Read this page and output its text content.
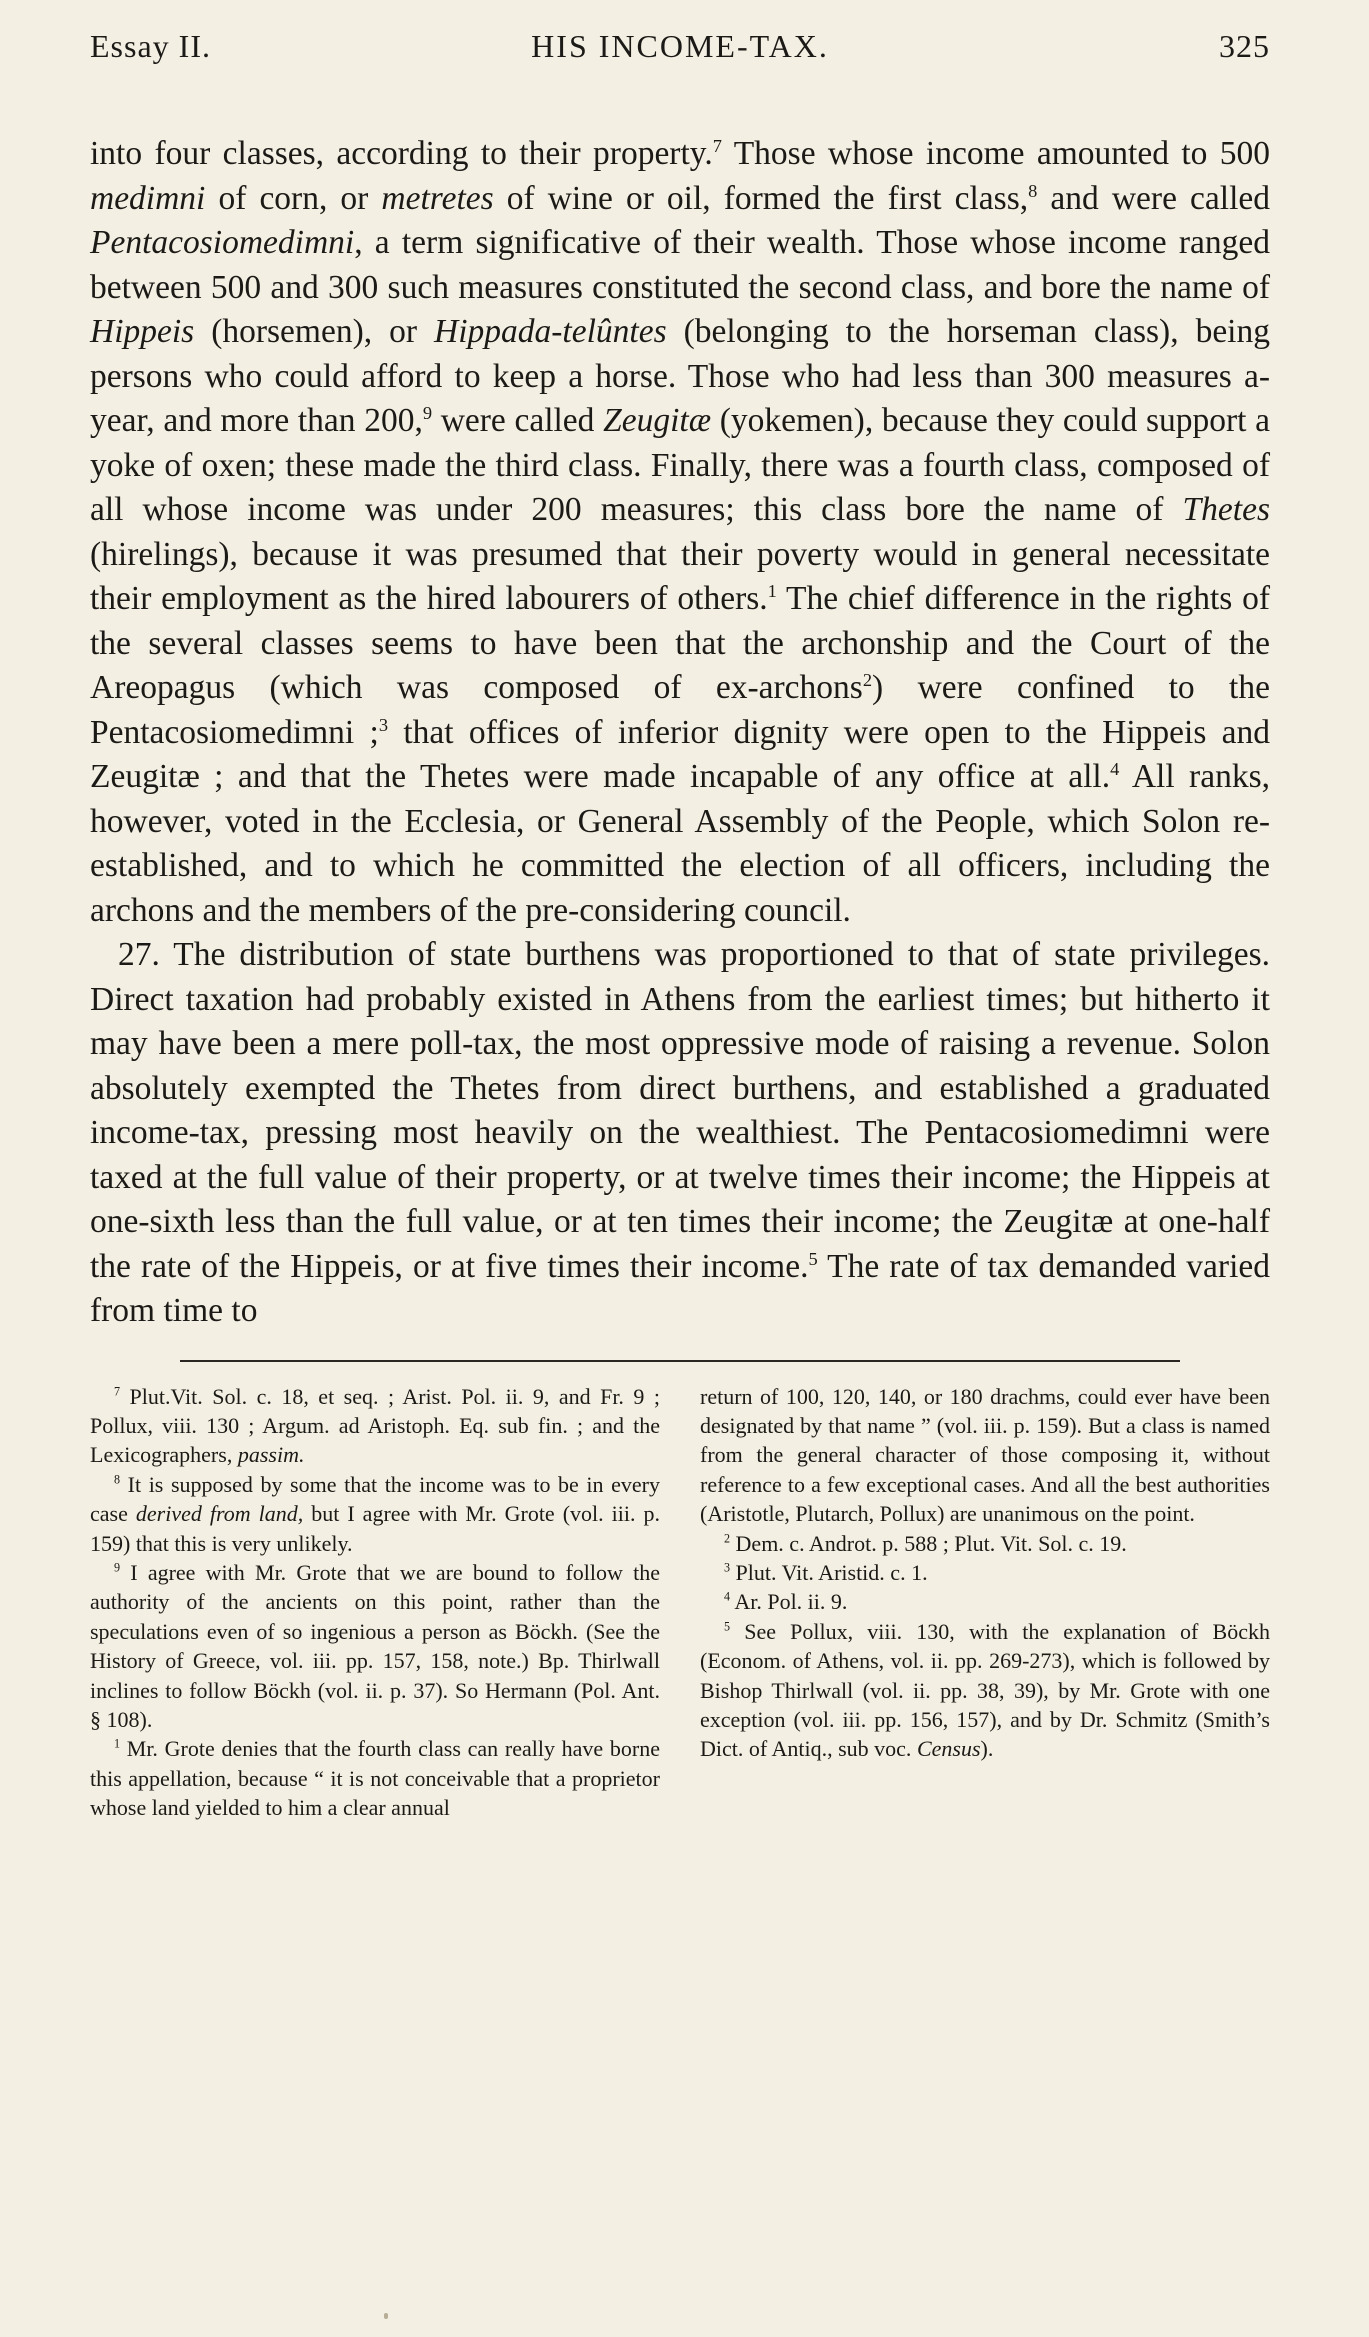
Essay II.	HIS INCOME-TAX.	325

into four classes, according to their property.$^7$ Those whose income amounted to 500 medimni of corn, or metretes of wine or oil, formed the first class,$^8$ and were called Pentacosiomedimni, a term significative of their wealth. Those whose income ranged between 500 and 300 such measures constituted the second class, and bore the name of Hippeis (horsemen), or Hippada-telûntes (belonging to the horseman class), being persons who could afford to keep a horse. Those who had less than 300 measures a-year, and more than 200,$^9$ were called Zeugitæ (yokemen), because they could support a yoke of oxen; these made the third class. Finally, there was a fourth class, composed of all whose income was under 200 measures; this class bore the name of Thetes (hirelings), because it was presumed that their poverty would in general necessitate their employment as the hired labourers of others.$^1$ The chief difference in the rights of the several classes seems to have been that the archonship and the Court of the Areopagus (which was composed of ex-archons$^2$) were confined to the Pentacosiomedimni ;$^3$ that offices of inferior dignity were open to the Hippeis and Zeugitæ ; and that the Thetes were made incapable of any office at all.$^4$ All ranks, however, voted in the Ecclesia, or General Assembly of the People, which Solon re-established, and to which he committed the election of all officers, including the archons and the members of the pre-considering council.

27. The distribution of state burthens was proportioned to that of state privileges. Direct taxation had probably existed in Athens from the earliest times; but hitherto it may have been a mere poll-tax, the most oppressive mode of raising a revenue. Solon absolutely exempted the Thetes from direct burthens, and established a graduated income-tax, pressing most heavily on the wealthiest. The Pentacosiomedimni were taxed at the full value of their property, or at twelve times their income; the Hippeis at one-sixth less than the full value, or at ten times their income; the Zeugitæ at one-half the rate of the Hippeis, or at five times their income.$^5$ The rate of tax demanded varied from time to

$^7$ Plut.Vit. Sol. c. 18, et seq. ; Arist. Pol. ii. 9, and Fr. 9 ; Pollux, viii. 130 ; Argum. ad Aristoph. Eq. sub fin. ; and the Lexicographers, passim.

$^8$ It is supposed by some that the income was to be in every case derived from land, but I agree with Mr. Grote (vol. iii. p. 159) that this is very unlikely.

$^9$ I agree with Mr. Grote that we are bound to follow the authority of the ancients on this point, rather than the speculations even of so ingenious a person as Böckh. (See the History of Greece, vol. iii. pp. 157, 158, note.) Bp. Thirlwall inclines to follow Böckh (vol. ii. p. 37). So Hermann (Pol. Ant. § 108).

$^1$ Mr. Grote denies that the fourth class can really have borne this appellation, because “ it is not conceivable that a proprietor whose land yielded to him a clear annual

return of 100, 120, 140, or 180 drachms, could ever have been designated by that name ” (vol. iii. p. 159). But a class is named from the general character of those composing it, without reference to a few exceptional cases. And all the best authorities (Aristotle, Plutarch, Pollux) are unanimous on the point.

$^2$ Dem. c. Androt. p. 588 ; Plut. Vit. Sol. c. 19.

$^3$ Plut. Vit. Aristid. c. 1.

$^4$ Ar. Pol. ii. 9.

$^5$ See Pollux, viii. 130, with the explanation of Böckh (Econom. of Athens, vol. ii. pp. 269-273), which is followed by Bishop Thirlwall (vol. ii. pp. 38, 39), by Mr. Grote with one exception (vol. iii. pp. 156, 157), and by Dr. Schmitz (Smith’s Dict. of Antiq., sub voc. Census).
